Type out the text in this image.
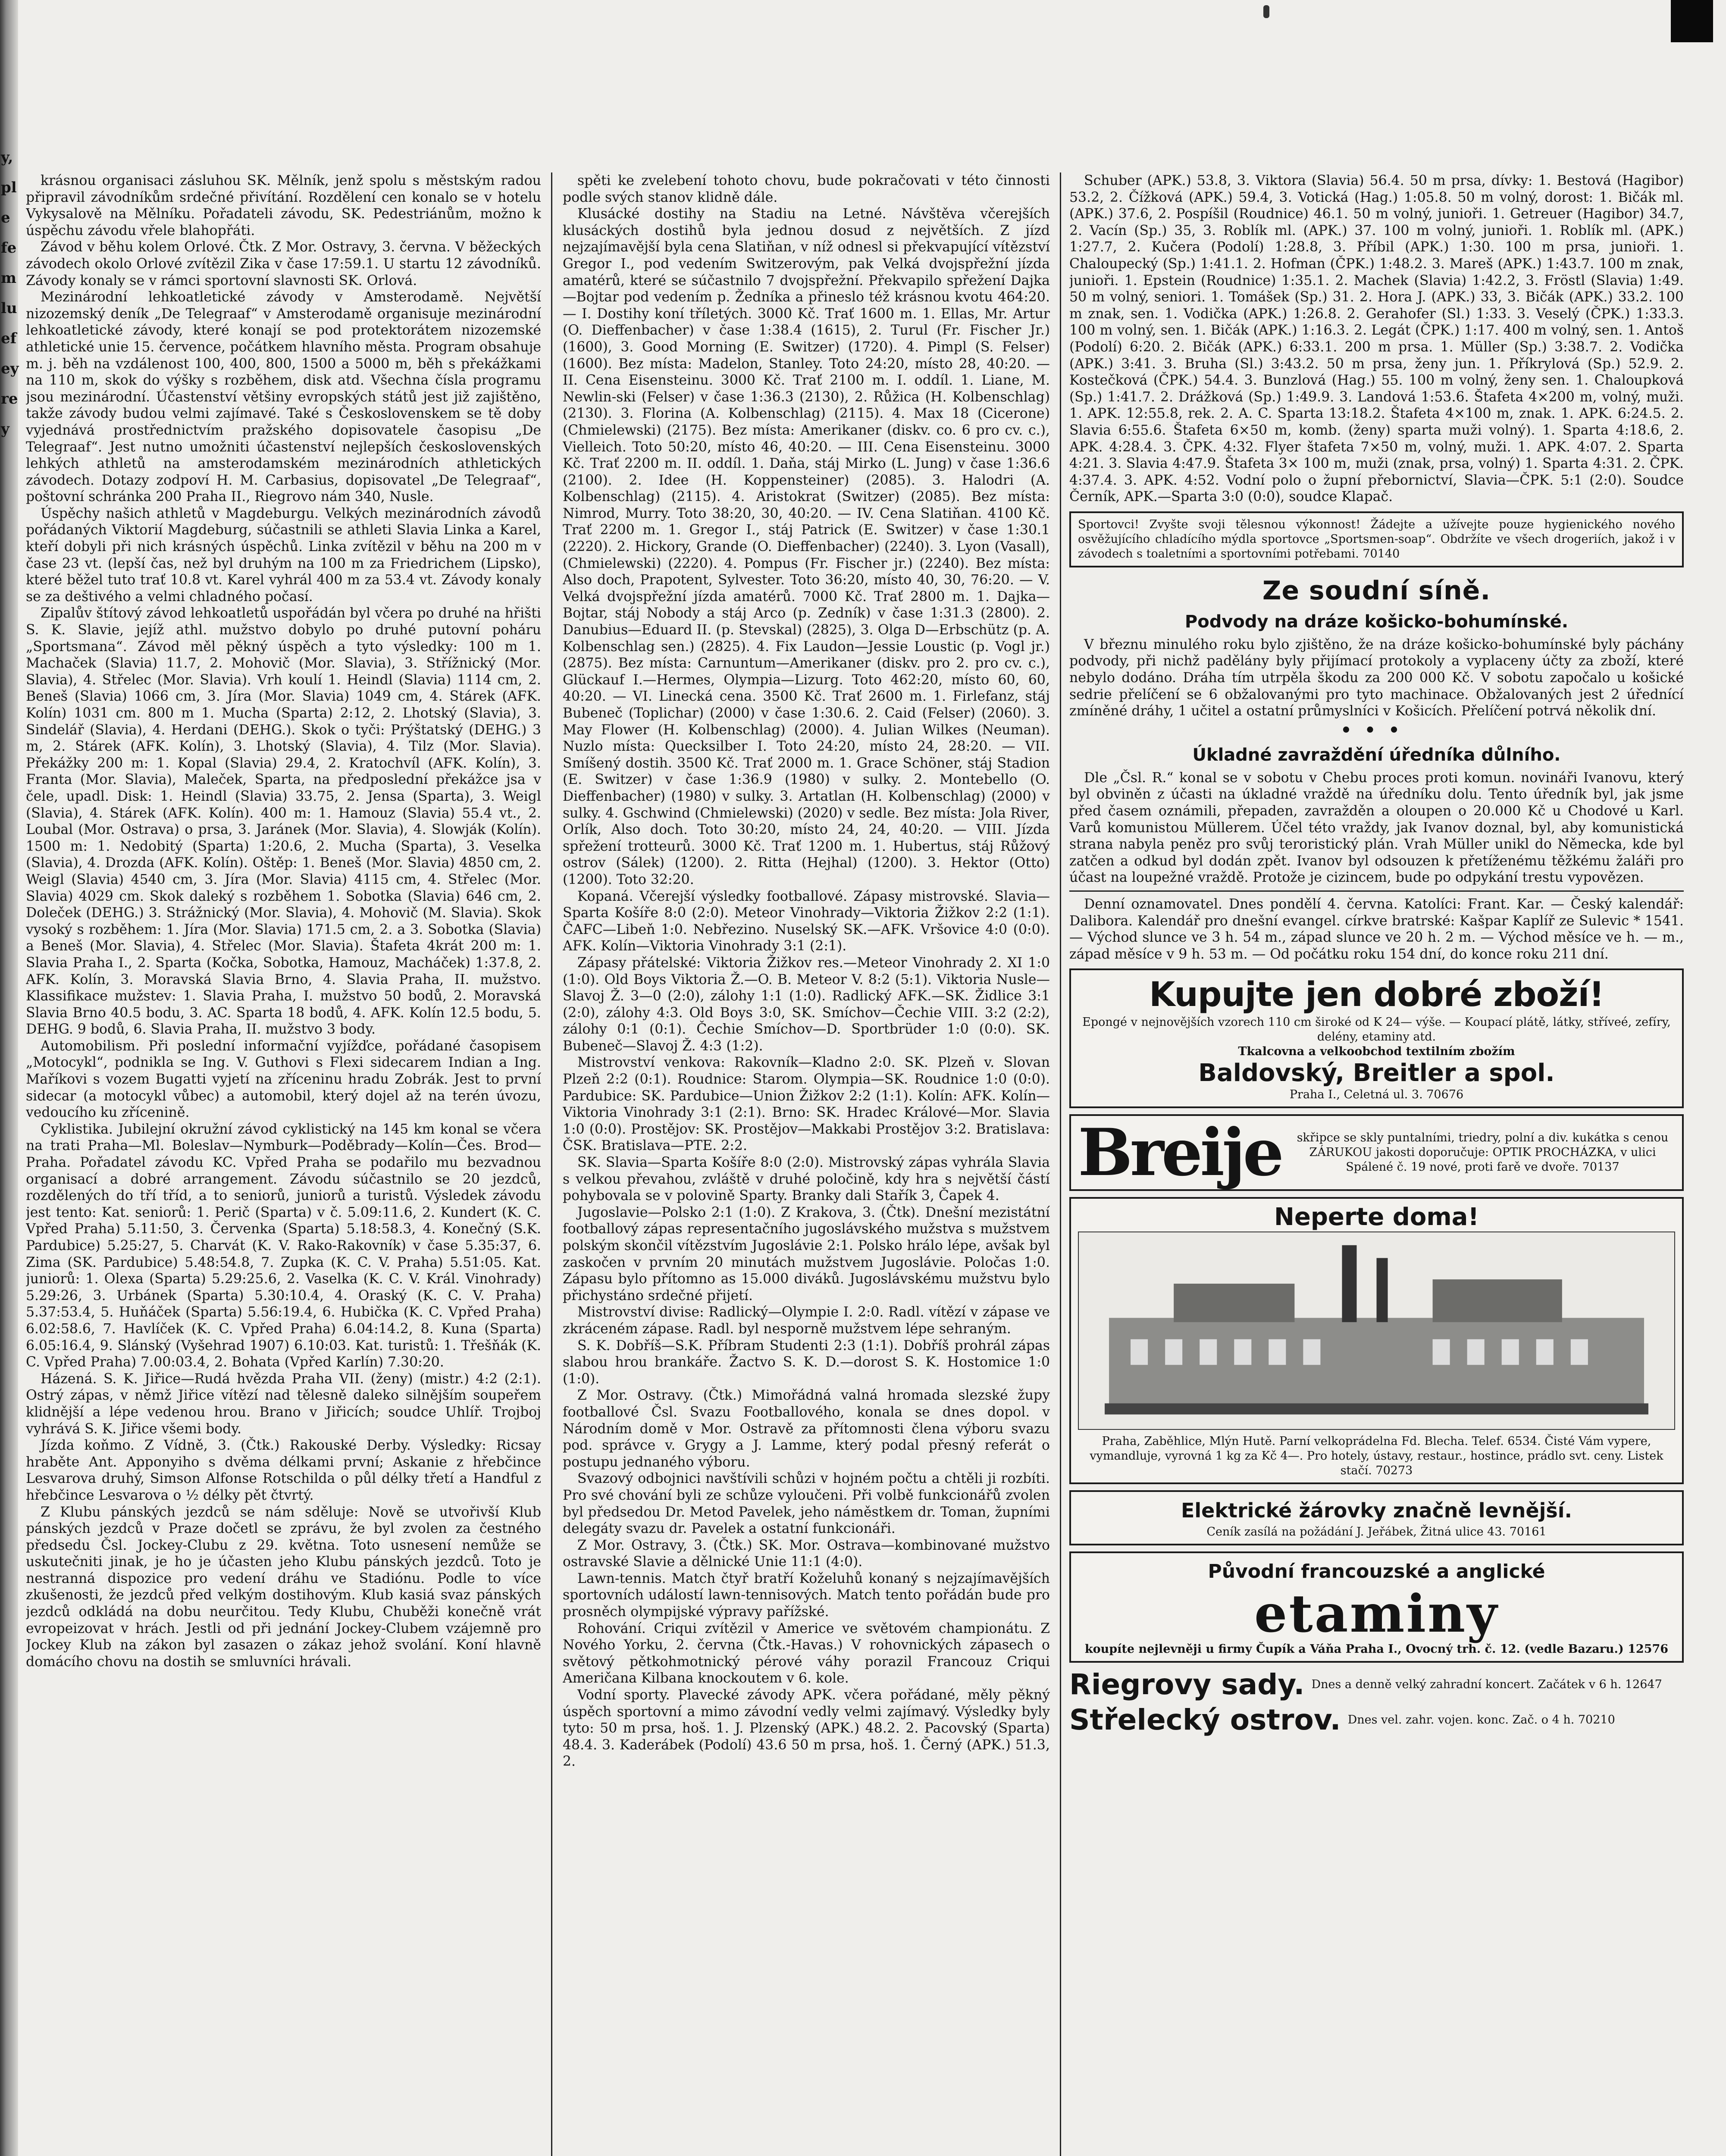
y,
pl
e
fe
m
lu
ef
ey
re
y

krásnou organisaci zásluhou SK. Mělník, jenž spolu s městským radou připravil závodníkům srdečné přivítání. Rozdělení cen konalo se v hotelu Vykysalově na Mělníku. Pořadateli závodu, SK. Pedestriánům, možno k úspěchu závodu vřele blahopřáti.

Závod v běhu kolem Orlové. Čtk. Z Mor. Ostravy, 3. června. V běžeckých závodech okolo Orlové zvítězil Zika v čase 17:59.1. U startu 12 závodníků. Závody konaly se v rámci sportovní slavnosti SK. Orlová.

Mezinárodní lehkoatletické závody v Amsterodamě. Největší nizozemský deník „De Telegraaf“ v Amsterodamě organisuje mezinárodní lehkoatletické závody, které konají se pod protektorátem nizozemské athletické unie 15. července, počátkem hlavního města. Program obsahuje m. j. běh na vzdálenost 100, 400, 800, 1500 a 5000 m, běh s překážkami na 110 m, skok do výšky s rozběhem, disk atd. Všechna čísla programu jsou mezinárodní. Účastenství většiny evropských států jest již zajištěno, takže závody budou velmi zajímavé. Také s Československem se tě doby vyjednává prostřednictvím pražského dopisovatele časopisu „De Telegraaf“. Jest nutno umožniti účastenství nejlepších československých lehkých athletů na amsterodamském mezinárodních athletických závodech. Dotazy zodpoví H. M. Carbasius, dopisovatel „De Telegraaf“, poštovní schránka 200 Praha II., Riegrovo nám 340, Nusle.

Úspěchy našich athletů v Magdeburgu. Velkých mezinárodních závodů pořádaných Viktorií Magdeburg, súčastnili se athleti Slavia Linka a Karel, kteří dobyli při nich krásných úspěchů. Linka zvítězil v běhu na 200 m v čase 23 vt. (lepší čas, než byl druhým na 100 m za Friedrichem (Lipsko), které běžel tuto trať 10.8 vt. Karel vyhrál 400 m za 53.4 vt. Závody konaly se za deštivého a velmi chladného počasí.

Zipalův štítový závod lehkoatletů uspořádán byl včera po druhé na hřišti S. K. Slavie, jejíž athl. mužstvo dobylo po druhé putovní poháru „Sportsmana“. Závod měl pěkný úspěch a tyto výsledky: 100 m 1. Machaček (Slavia) 11.7, 2. Mohovič (Mor. Slavia), 3. Střížnický (Mor. Slavia), 4. Střelec (Mor. Slavia). Vrh koulí 1. Heindl (Slavia) 1114 cm, 2. Beneš (Slavia) 1066 cm, 3. Jíra (Mor. Slavia) 1049 cm, 4. Stárek (AFK. Kolín) 1031 cm. 800 m 1. Mucha (Sparta) 2:12, 2. Lhotský (Slavia), 3. Sindelář (Slavia), 4. Herdani (DEHG.). Skok o tyči: Prýštatský (DEHG.) 3 m, 2. Stárek (AFK. Kolín), 3. Lhotský (Slavia), 4. Tilz (Mor. Slavia). Překážky 200 m: 1. Kopal (Slavia) 29.4, 2. Kratochvíl (AFK. Kolín), 3. Franta (Mor. Slavia), Maleček, Sparta, na předposlední překážce jsa v čele, upadl. Disk: 1. Heindl (Slavia) 33.75, 2. Jensa (Sparta), 3. Weigl (Slavia), 4. Stárek (AFK. Kolín). 400 m: 1. Hamouz (Slavia) 55.4 vt., 2. Loubal (Mor. Ostrava) o prsa, 3. Jaránek (Mor. Slavia), 4. Slowják (Kolín). 1500 m: 1. Nedobitý (Sparta) 1:20.6, 2. Mucha (Sparta), 3. Veselka (Slavia), 4. Drozda (AFK. Kolín). Oštěp: 1. Beneš (Mor. Slavia) 4850 cm, 2. Weigl (Slavia) 4540 cm, 3. Jíra (Mor. Slavia) 4115 cm, 4. Střelec (Mor. Slavia) 4029 cm. Skok daleký s rozběhem 1. Sobotka (Slavia) 646 cm, 2. Doleček (DEHG.) 3. Strážnický (Mor. Slavia), 4. Mohovič (M. Slavia). Skok vysoký s rozběhem: 1. Jíra (Mor. Slavia) 171.5 cm, 2. a 3. Sobotka (Slavia) a Beneš (Mor. Slavia), 4. Střelec (Mor. Slavia). Štafeta 4krát 200 m: 1. Slavia Praha I., 2. Sparta (Kočka, Sobotka, Hamouz, Macháček) 1:37.8, 2. AFK. Kolín, 3. Moravská Slavia Brno, 4. Slavia Praha, II. mužstvo. Klassifikace mužstev: 1. Slavia Praha, I. mužstvo 50 bodů, 2. Moravská Slavia Brno 40.5 bodu, 3. AC. Sparta 18 bodů, 4. AFK. Kolín 12.5 bodu, 5. DEHG. 9 bodů, 6. Slavia Praha, II. mužstvo 3 body.

Automobilism. Při poslední informační vyjížďce, pořádané časopisem „Motocykl“, podnikla se Ing. V. Guthovi s Flexi sidecarem Indian a Ing. Maříkovi s vozem Bugatti vyjetí na zříceninu hradu Zobrák. Jest to první sidecar (a motocykl vůbec) a automobil, který dojel až na terén úvozu, vedoucího ku zřícenině.

Cyklistika. Jubilejní okružní závod cyklistický na 145 km konal se včera na trati Praha—Ml. Boleslav—Nymburk—Poděbrady—Kolín—Čes. Brod—Praha. Pořadatel závodu KC. Vpřed Praha se podařilo mu bezvadnou organisací a dobré arrangement. Závodu súčastnilo se 20 jezdců, rozdělených do tří tříd, a to seniorů, juniorů a turistů. Výsledek závodu jest tento: Kat. seniorů: 1. Perič (Sparta) v č. 5.09:11.6, 2. Kundert (K. C. Vpřed Praha) 5.11:50, 3. Červenka (Sparta) 5.18:58.3, 4. Konečný (S.K. Pardubice) 5.25:27, 5. Charvát (K. V. Rako-Rakovník) v čase 5.35:37, 6. Zima (SK. Pardubice) 5.48:54.8, 7. Zupka (K. C. V. Praha) 5.51:05. Kat. juniorů: 1. Olexa (Sparta) 5.29:25.6, 2. Vaselka (K. C. V. Král. Vinohrady) 5.29:26, 3. Urbánek (Sparta) 5.30:10.4, 4. Oraský (K. C. V. Praha) 5.37:53.4, 5. Huňáček (Sparta) 5.56:19.4, 6. Hubička (K. C. Vpřed Praha) 6.02:58.6, 7. Havlíček (K. C. Vpřed Praha) 6.04:14.2, 8. Kuna (Sparta) 6.05:16.4, 9. Slánský (Vyšehrad 1907) 6.10:03. Kat. turistů: 1. Třešňák (K. C. Vpřed Praha) 7.00:03.4, 2. Bohata (Vpřed Karlín) 7.30:20.

Házená. S. K. Jiřice—Rudá hvězda Praha VII. (ženy) (mistr.) 4:2 (2:1). Ostrý zápas, v němž Jiřice vítězí nad tělesně daleko silnějším soupeřem klidnější a lépe vedenou hrou. Brano v Jiřicích; soudce Uhlíř. Trojboj vyhrává S. K. Jiřice všemi body.

Jízda koňmo. Z Vídně, 3. (Čtk.) Rakouské Derby. Výsledky: Ricsay hraběte Ant. Apponyiho s dvěma délkami první; Askanie z hřebčince Lesvarova druhý, Simson Alfonse Rotschilda o půl délky třetí a Handful z hřebčince Lesvarova o ½ délky pět čtvrtý.

Z Klubu pánských jezdců se nám sděluje: Nově se utvořivší Klub pánských jezdců v Praze dočetl se zprávu, že byl zvolen za čestného předsedu Čsl. Jockey-Clubu z 29. května. Toto usnesení nemůže se uskutečniti jinak, je ho je účasten jeho Klubu pánských jezdců. Toto je nestranná dispozice pro vedení dráhu ve Stadiónu. Podle to více zkušenosti, že jezdců před velkým dostihovým. Klub kasiá svaz pánských jezdců odkládá na dobu neurčitou. Tedy Klubu, Chuběži konečně vrát evropeizovat v hrách. Jestli od při jednání Jockey-Clubem vzájemně pro Jockey Klub na zákon byl zasazen o zákaz jehož svolání. Koní hlavně domácího chovu na dostih se smluvníci hrávali.

spěti ke zvelebení tohoto chovu, bude pokračovati v této činnosti podle svých stanov klidně dále.

Klusácké dostihy na Stadiu na Letné. Návštěva včerejších klusáckých dostihů byla jednou dosud z největších. Z jízd nejzajímavější byla cena Slatiňan, v níž odnesl si překvapující vítězství Gregor I., pod vedením Switzerovým, pak Velká dvojspřežní jízda amatérů, které se súčastnilo 7 dvojspřežní. Překvapilo spřežení Dajka—Bojtar pod vedením p. Žedníka a přineslo též krásnou kvotu 464:20. — I. Dostihy koní tříletých. 3000 Kč. Trať 1600 m. 1. Ellas, Mr. Artur (O. Dieffenbacher) v čase 1:38.4 (1615), 2. Turul (Fr. Fischer Jr.) (1600), 3. Good Morning (E. Switzer) (1720). 4. Pimpl (S. Felser) (1600). Bez místa: Madelon, Stanley. Toto 24:20, místo 28, 40:20. — II. Cena Eisensteinu. 3000 Kč. Trať 2100 m. I. oddíl. 1. Liane, M. Newlin-ski (Felser) v čase 1:36.3 (2130), 2. Růžica (H. Kolbenschlag) (2130). 3. Florina (A. Kolbenschlag) (2115). 4. Max 18 (Cicerone) (Chmielewski) (2175). Bez místa: Amerikaner (diskv. co. 6 pro cv. c.), Vielleich. Toto 50:20, místo 46, 40:20. — III. Cena Eisensteinu. 3000 Kč. Trať 2200 m. II. oddíl. 1. Daňa, stáj Mirko (L. Jung) v čase 1:36.6 (2100). 2. Idee (H. Koppensteiner) (2085). 3. Halodri (A. Kolbenschlag) (2115). 4. Aristokrat (Switzer) (2085). Bez místa: Nimrod, Murry. Toto 38:20, 30, 40:20. — IV. Cena Slatiňan. 4100 Kč. Trať 2200 m. 1. Gregor I., stáj Patrick (E. Switzer) v čase 1:30.1 (2220). 2. Hickory, Grande (O. Dieffenbacher) (2240). 3. Lyon (Vasall), (Chmielewski) (2220). 4. Pompus (Fr. Fischer jr.) (2240). Bez místa: Also doch, Prapotent, Sylvester. Toto 36:20, místo 40, 30, 76:20. — V. Velká dvojspřežní jízda amatérů. 7000 Kč. Trať 2800 m. 1. Dajka—Bojtar, stáj Nobody a stáj Arco (p. Zedník) v čase 1:31.3 (2800). 2. Danubius—Eduard II. (p. Stevskal) (2825), 3. Olga D—Erbschütz (p. A. Kolbenschlag sen.) (2825). 4. Fix Laudon—Jessie Loustic (p. Vogl jr.) (2875). Bez místa: Carnuntum—Amerikaner (diskv. pro 2. pro cv. c.), Glückauf I.—Hermes, Olympia—Lizurg. Toto 462:20, místo 60, 60, 40:20. — VI. Linecká cena. 3500 Kč. Trať 2600 m. 1. Firlefanz, stáj Bubeneč (Toplichar) (2000) v čase 1:30.6. 2. Caid (Felser) (2060). 3. May Flower (H. Kolbenschlag) (2000). 4. Julian Wilkes (Neuman). Nuzlo místa: Quecksilber I. Toto 24:20, místo 24, 28:20. — VII. Smíšený dostih. 3500 Kč. Trať 2000 m. 1. Grace Schöner, stáj Stadion (E. Switzer) v čase 1:36.9 (1980) v sulky. 2. Montebello (O. Dieffenbacher) (1980) v sulky. 3. Artatlan (H. Kolbenschlag) (2000) v sulky. 4. Gschwind (Chmielewski) (2020) v sedle. Bez místa: Jola River, Orlík, Also doch. Toto 30:20, místo 24, 24, 40:20. — VIII. Jízda spřežení trotteurů. 3000 Kč. Trať 1200 m. 1. Hubertus, stáj Růžový ostrov (Sálek) (1200). 2. Ritta (Hejhal) (1200). 3. Hektor (Otto) (1200). Toto 32:20.

Kopaná. Včerejší výsledky footballové. Zápasy mistrovské. Slavia—Sparta Košíře 8:0 (2:0). Meteor Vinohrady—Viktoria Žižkov 2:2 (1:1). ČAFC—Libeň 1:0. Nebřezino. Nuselský SK.—AFK. Vršovice 4:0 (0:0). AFK. Kolín—Viktoria Vinohrady 3:1 (2:1).

Zápasy přátelské: Viktoria Žižkov res.—Meteor Vinohrady 2. XI 1:0 (1:0). Old Boys Viktoria Ž.—O. B. Meteor V. 8:2 (5:1). Viktoria Nusle—Slavoj Ž. 3—0 (2:0), zálohy 1:1 (1:0). Radlický AFK.—SK. Židlice 3:1 (2:0), zálohy 4:3. Old Boys 3:0, SK. Smíchov—Čechie VIII. 3:2 (2:2), zálohy 0:1 (0:1). Čechie Smíchov—D. Sportbrüder 1:0 (0:0). SK. Bubeneč—Slavoj Ž. 4:3 (1:2).

Mistrovství venkova: Rakovník—Kladno 2:0. SK. Plzeň v. Slovan Plzeň 2:2 (0:1). Roudnice: Starom. Olympia—SK. Roudnice 1:0 (0:0). Pardubice: SK. Pardubice—Union Žižkov 2:2 (1:1). Kolín: AFK. Kolín—Viktoria Vinohrady 3:1 (2:1). Brno: SK. Hradec Králové—Mor. Slavia 1:0 (0:0). Prostějov: SK. Prostějov—Makkabi Prostějov 3:2. Bratislava: ČSK. Bratislava—PTE. 2:2.

SK. Slavia—Sparta Košíře 8:0 (2:0). Mistrovský zápas vyhrála Slavia s velkou převahou, zvláště v druhé poločině, kdy hra s největší částí pohybovala se v polovině Sparty. Branky dali Stařík 3, Čapek 4.

Jugoslavie—Polsko 2:1 (1:0). Z Krakova, 3. (Čtk). Dnešní mezistátní footballový zápas representačního jugoslávského mužstva s mužstvem polským skončil vítězstvím Jugoslávie 2:1. Polsko hrálo lépe, avšak byl zaskočen v prvním 20 minutách mužstvem Jugoslávie. Poločas 1:0. Zápasu bylo přítomno as 15.000 diváků. Jugoslávskému mužstvu bylo přichystáno srdečné přijetí.

Mistrovství divise: Radlický—Olympie I. 2:0. Radl. vítězí v zápase ve zkráceném zápase. Radl. byl nesporně mužstvem lépe sehraným.

S. K. Dobříš—S.K. Příbram Studenti 2:3 (1:1). Dobříš prohrál zápas slabou hrou brankáře. Žactvo S. K. D.—dorost S. K. Hostomice 1:0 (1:0).

Z Mor. Ostravy. (Čtk.) Mimořádná valná hromada slezské župy footballové Čsl. Svazu Footballového, konala se dnes dopol. v Národním domě v Mor. Ostravě za přítomnosti člena výboru svazu pod. správce v. Grygy a J. Lamme, který podal přesný referát o postupu jednaného výboru.

Svazový odbojnici navštívili schůzi v hojném počtu a chtěli ji rozbíti. Pro své chování byli ze schůze vyloučeni. Při volbě funkcionářů zvolen byl předsedou Dr. Metod Pavelek, jeho náměstkem dr. Toman, župními delegáty svazu dr. Pavelek a ostatní funkcionáři.

Z Mor. Ostravy, 3. (Čtk.) SK. Mor. Ostrava—kombinované mužstvo ostravské Slavie a dělnické Unie 11:1 (4:0).

Lawn-tennis. Match čtyř bratří Koželuhů konaný s nejzajímavějších sportovních událostí lawn-tennisových. Match tento pořádán bude pro prosněch olympijské výpravy pařížské.

Rohování. Criqui zvítězil v Americe ve světovém championátu. Z Nového Yorku, 2. června (Čtk.-Havas.) V rohovnických zápasech o světový pětkohmotnický pérové váhy porazil Francouz Criqui Američana Kilbana knockoutem v 6. kole.

Vodní sporty. Plavecké závody APK. včera pořádané, měly pěkný úspěch sportovní a mimo závodní vedly velmi zajímavý. Výsledky byly tyto: 50 m prsa, hoš. 1. J. Plzenský (APK.) 48.2. 2. Pacovský (Sparta) 48.4. 3. Kaderábek (Podolí) 43.6 50 m prsa, hoš. 1. Černý (APK.) 51.3, 2.

Schuber (APK.) 53.8, 3. Viktora (Slavia) 56.4. 50 m prsa, dívky: 1. Bestová (Hagibor) 53.2, 2. Čížková (APK.) 59.4, 3. Votická (Hag.) 1:05.8. 50 m volný, dorost: 1. Bičák ml. (APK.) 37.6, 2. Pospíšil (Roudnice) 46.1. 50 m volný, junioři. 1. Getreuer (Hagibor) 34.7, 2. Vacín (Sp.) 35, 3. Roblík ml. (APK.) 37. 100 m volný, junioři. 1. Roblík ml. (APK.) 1:27.7, 2. Kučera (Podolí) 1:28.8, 3. Příbil (APK.) 1:30. 100 m prsa, junioři. 1. Chaloupecký (Sp.) 1:41.1. 2. Hofman (ČPK.) 1:48.2. 3. Mareš (APK.) 1:43.7. 100 m znak, junioři. 1. Epstein (Roudnice) 1:35.1. 2. Machek (Slavia) 1:42.2, 3. Fröstl (Slavia) 1:49. 50 m volný, seniori. 1. Tomášek (Sp.) 31. 2. Hora J. (APK.) 33, 3. Bičák (APK.) 33.2. 100 m znak, sen. 1. Vodička (APK.) 1:26.8. 2. Gerahofer (Sl.) 1:33. 3. Veselý (ČPK.) 1:33.3. 100 m volný, sen. 1. Bičák (APK.) 1:16.3. 2. Legát (ČPK.) 1:17. 400 m volný, sen. 1. Antoš (Podolí) 6:20. 2. Bičák (APK.) 6:33.1. 200 m prsa. 1. Müller (Sp.) 3:38.7. 2. Vodička (APK.) 3:41. 3. Bruha (Sl.) 3:43.2. 50 m prsa, ženy jun. 1. Příkrylová (Sp.) 52.9. 2. Kostečková (ČPK.) 54.4. 3. Bunzlová (Hag.) 55. 100 m volný, ženy sen. 1. Chaloupková (Sp.) 1:41.7. 2. Drážková (Sp.) 1:49.9. 3. Landová 1:53.6. Štafeta 4×200 m, volný, muži. 1. APK. 12:55.8, rek. 2. A. C. Sparta 13:18.2. Štafeta 4×100 m, znak. 1. APK. 6:24.5. 2. Slavia 6:55.6. Štafeta 6×50 m, komb. (ženy) sparta muži volný). 1. Sparta 4:18.6, 2. APK. 4:28.4. 3. ČPK. 4:32. Flyer štafeta 7×50 m, volný, muži. 1. APK. 4:07. 2. Sparta 4:21. 3. Slavia 4:47.9. Štafeta 3× 100 m, muži (znak, prsa, volný) 1. Sparta 4:31. 2. ČPK. 4:37.4. 3. APK. 4:52. Vodní polo o župní přebornictví, Slavia—ČPK. 5:1 (2:0). Soudce Černík, APK.—Sparta 3:0 (0:0), soudce Klapač.

Sportovci! Zvyšte svoji tělesnou výkonnost! Žádejte a užívejte pouze hygienického nového osvěžujícího chladícího mýdla sportovce „Sportsmen-soap“. Obdržíte ve všech drogeriích, jakož i v závodech s toaletními a sportovními potřebami. 70140
Ze soudní síně.
Podvody na dráze košicko-bohumínské.

V březnu minulého roku bylo zjištěno, že na dráze košicko-bohumínské byly páchány podvody, při nichž padělány byly přijímací protokoly a vyplaceny účty za zboží, které nebylo dodáno. Dráha tím utrpěla škodu za 200 000 Kč. V sobotu započalo u košické sedrie přelíčení se 6 obžalovanými pro tyto machinace. Obžalovaných jest 2 úřednící zmíněné dráhy, 1 učitel a ostatní průmyslníci v Košicích. Přelíčení potrvá několik dní.

•••
Úkladné zavraždění úředníka důlního.

Dle „Čsl. R.“ konal se v sobotu v Chebu proces proti komun. novináři Ivanovu, který byl obviněn z účasti na úkladné vraždě na úředníku dolu. Tento úředník byl, jak jsme před časem oznámili, přepaden, zavražděn a oloupen o 20.000 Kč u Chodové u Karl. Varů komunistou Müllerem. Účel této vraždy, jak Ivanov doznal, byl, aby komunistická strana nabyla peněz pro svůj teroristický plán. Vrah Müller unikl do Německa, kde byl zatčen a odkud byl dodán zpět. Ivanov byl odsouzen k přetíženému těžkému žaláři pro účast na loupežné vraždě. Protože je cizincem, bude po odpykání trestu vypovězen.

Denní oznamovatel. Dnes pondělí 4. června. Katolíci: Frant. Kar. — Český kalendář: Dalibora. Kalendář pro dnešní evangel. církve bratrské: Kašpar Kaplíř ze Sulevic * 1541. — Východ slunce ve 3 h. 54 m., západ slunce ve 20 h. 2 m. — Východ měsíce ve h. — m., západ měsíce v 9 h. 53 m. — Od počátku roku 154 dní, do konce roku 211 dní.

Kupujte jen dobré zboží!
Epongé v nejnovějších vzorech 110 cm široké od K 24— výše. — Koupací plátě, látky, stříveé, zefíry, delény, etaminy atd.
Tkalcovna a velkoobchod textilním zbožím
Baldovský, Breitler a spol.
Praha I., Celetná ul. 3. 70676
Breije	skřipce se skly puntalními, triedry, polní a div. kukátka s cenou ZÁRUKOU jakosti doporučuje: OPTIK PROCHÁZKA, v ulici Spálené č. 19 nové, proti farě ve dvoře. 70137
Neperte doma!
Praha, Zaběhlice, Mlýn Hutě. Parní velkoprádelna Fd. Blecha. Telef. 6534. Čisté Vám vypere, vymandluje, vyrovná 1 kg za Kč 4—. Pro hotely, ústavy, restaur., hostince, prádlo svt. ceny. Listek stačí. 70273
Elektrické žárovky značně levnější.
Ceník zasílá na požádání J. Jeřábek, Žitná ulice 43. 70161
Původní francouzské a anglické
etaminy
koupíte nejlevněji u firmy Čupík a Váňa Praha I., Ovocný trh. č. 12. (vedle Bazaru.) 12576
Riegrovy sady. Dnes a denně velký zahradní koncert. Začátek v 6 h. 12647
Střelecký ostrov. Dnes vel. zahr. vojen. konc. Zač. o 4 h. 70210
